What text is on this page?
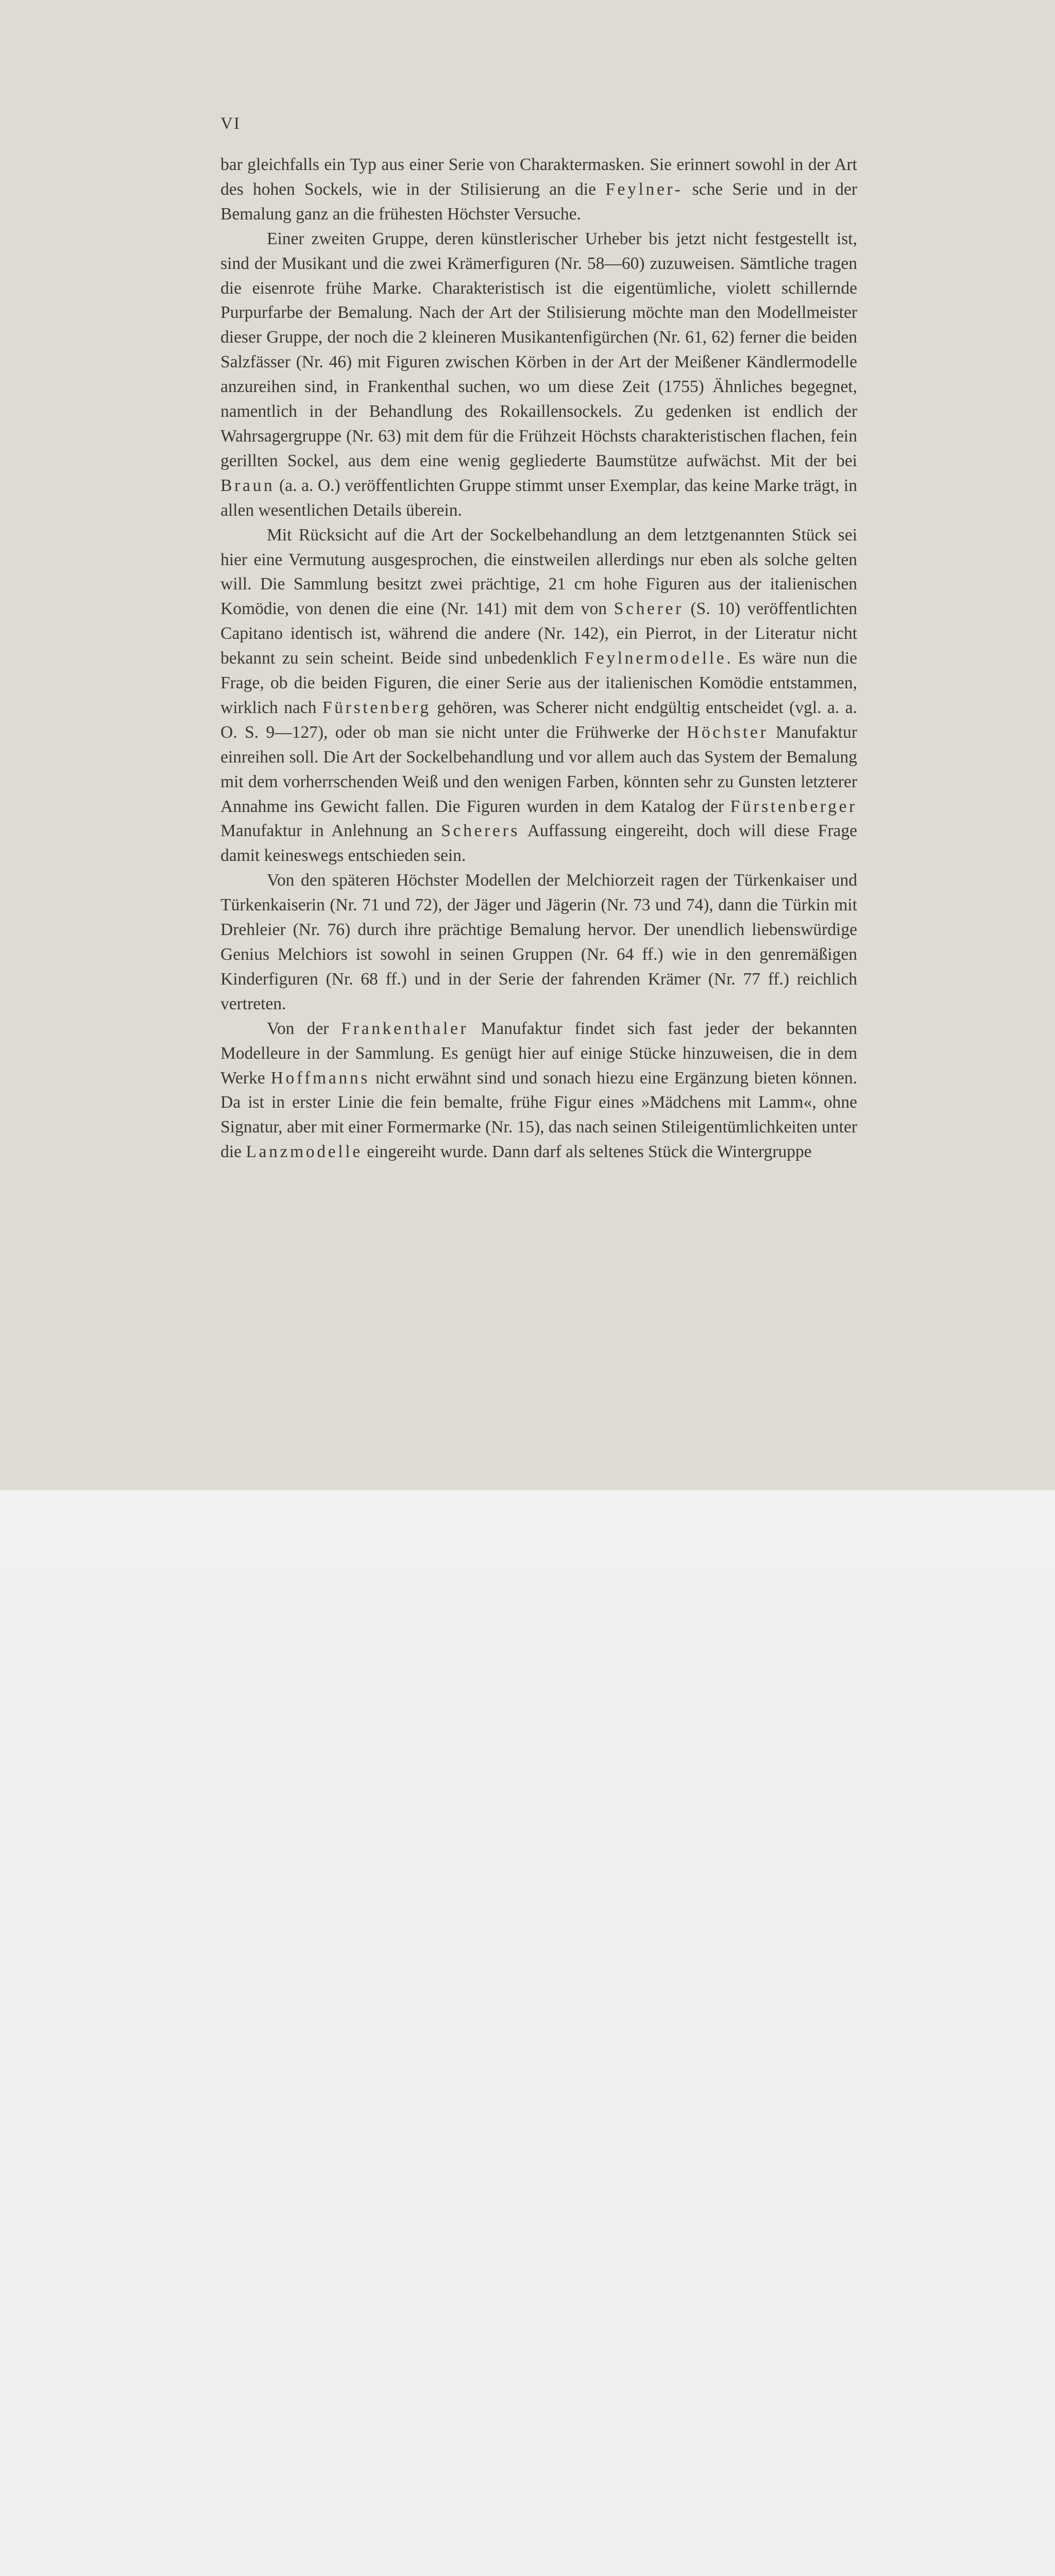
VI

bar gleichfalls ein Typ aus einer Serie von Charaktermasken. Sie erinnert sowohl in der Art des hohen Sockels, wie in der Stilisierung an die Feylner- sche Serie und in der Bemalung ganz an die frühesten Höchster Versuche.

Einer zweiten Gruppe, deren künstlerischer Urheber bis jetzt nicht festgestellt ist, sind der Musikant und die zwei Krämerfiguren (Nr. 58—60) zuzuweisen. Sämtliche tragen die eisenrote frühe Marke. Charakteristisch ist die eigentümliche, violett schillernde Purpurfarbe der Bemalung. Nach der Art der Stilisierung möchte man den Modellmeister dieser Gruppe, der noch die 2 kleineren Musikantenfigürchen (Nr. 61, 62) ferner die beiden Salzfässer (Nr. 46) mit Figuren zwischen Körben in der Art der Meißener Kändlermodelle anzureihen sind, in Frankenthal suchen, wo um diese Zeit (1755) Ähnliches begegnet, namentlich in der Behandlung des Rokaillensockels. Zu gedenken ist endlich der Wahrsagergruppe (Nr. 63) mit dem für die Frühzeit Höchsts charakteristischen flachen, fein gerillten Sockel, aus dem eine wenig gegliederte Baumstütze aufwächst. Mit der bei Braun (a. a. O.) veröffentlichten Gruppe stimmt unser Exemplar, das keine Marke trägt, in allen wesentlichen Details überein.

Mit Rücksicht auf die Art der Sockelbehandlung an dem letztgenannten Stück sei hier eine Vermutung ausgesprochen, die einstweilen allerdings nur eben als solche gelten will. Die Sammlung besitzt zwei prächtige, 21 cm hohe Figuren aus der italienischen Komödie, von denen die eine (Nr. 141) mit dem von Scherer (S. 10) veröffentlichten Capitano identisch ist, während die andere (Nr. 142), ein Pierrot, in der Literatur nicht bekannt zu sein scheint. Beide sind unbedenklich Feylnermodelle. Es wäre nun die Frage, ob die beiden Figuren, die einer Serie aus der italienischen Komödie entstammen, wirklich nach Fürstenberg gehören, was Scherer nicht endgültig entscheidet (vgl. a. a. O. S. 9—127), oder ob man sie nicht unter die Frühwerke der Höchster Manufaktur einreihen soll. Die Art der Sockelbehandlung und vor allem auch das System der Bemalung mit dem vorherrschenden Weiß und den wenigen Farben, könnten sehr zu Gunsten letzterer Annahme ins Gewicht fallen. Die Figuren wurden in dem Katalog der Fürstenberger Manufaktur in Anlehnung an Scherers Auffassung eingereiht, doch will diese Frage damit keineswegs entschieden sein.

Von den späteren Höchster Modellen der Melchiorzeit ragen der Türkenkaiser und Türkenkaiserin (Nr. 71 und 72), der Jäger und Jägerin (Nr. 73 und 74), dann die Türkin mit Drehleier (Nr. 76) durch ihre prächtige Bemalung hervor. Der unendlich liebenswürdige Genius Melchiors ist sowohl in seinen Gruppen (Nr. 64 ff.) wie in den genremäßigen Kinderfiguren (Nr. 68 ff.) und in der Serie der fahrenden Krämer (Nr. 77 ff.) reichlich vertreten.

Von der Frankenthaler Manufaktur findet sich fast jeder der bekannten Modelleure in der Sammlung. Es genügt hier auf einige Stücke hinzuweisen, die in dem Werke Hoffmanns nicht erwähnt sind und sonach hiezu eine Ergänzung bieten können. Da ist in erster Linie die fein bemalte, frühe Figur eines »Mädchens mit Lamm«, ohne Signatur, aber mit einer Formermarke (Nr. 15), das nach seinen Stileigentümlichkeiten unter die Lanzmodelle eingereiht wurde. Dann darf als seltenes Stück die Wintergruppe
